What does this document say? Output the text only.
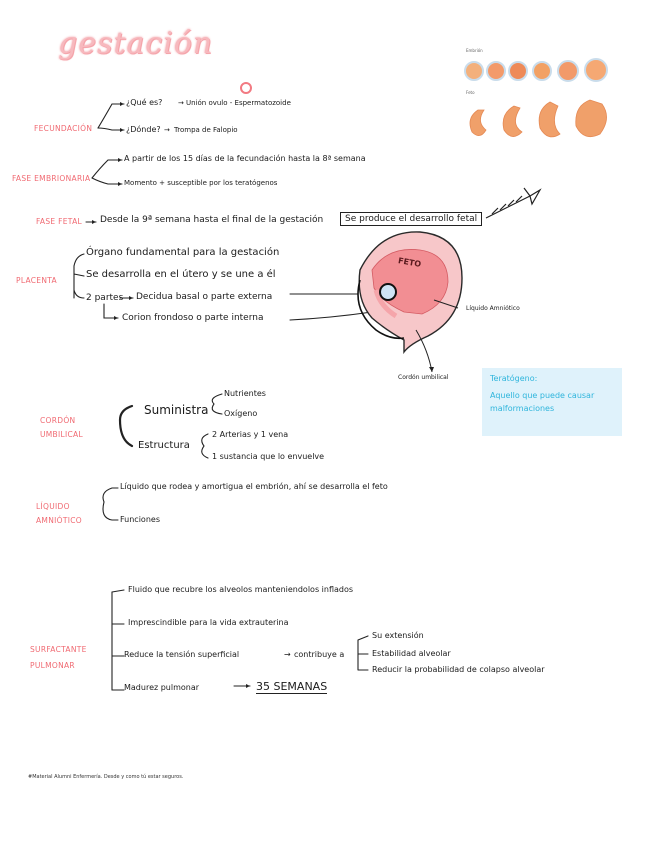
gestación
FECUNDACIÓN
¿Qué es? → Unión ovulo - Espermatozoide
¿Dónde? → Trompa de Falopio
FASE EMBRIONARIA
A partir de los 15 días de la fecundación hasta la 8ª semana
Momento + susceptible por los teratógenos
FASE FETAL Desde la 9ª semana hasta el final de la gestación	Se produce el desarrollo fetal
PLACENTA
Órgano fundamental para la gestación
Se desarrolla en el útero y se une a él
2 partes Decidua basal o parte externa
Corion frondoso o parte interna
FETO
Líquido Amniótico
Cordón umbilical	Teratógeno:
Aquello que puede causar malformaciones
CORDÓN UMBILICAL
Suministra
Nutrientes
Oxígeno
Estructura
2 Arterias y 1 vena
1 sustancia que lo envuelve
LÍQUIDO AMNIÓTICO
Líquido que rodea y amortigua el embrión, ahí se desarrolla el feto
Funciones
SURFACTANTE PULMONAR
Fluido que recubre los alveolos manteniendolos inflados
Imprescindible para la vida extrauterina
Reduce la tensión superficial	→ contribuye a
Su extensión
Estabilidad alveolar
Reducir la probabilidad de colapso alveolar
Madurez pulmonar	35 SEMANAS
Embrión
Feto
#Material Alumni Enfermería. Desde y como tú estar seguros.
